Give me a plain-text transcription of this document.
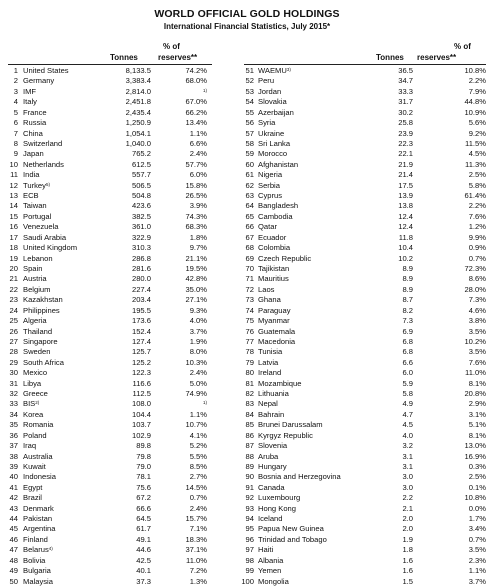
WORLD OFFICIAL GOLD HOLDINGS
International Financial Statistics, July 2015*
% of
Tonnes	reserves**
% of
Tonnes reserves**
1 United States	8,133.5	74.2%
2 Germany	3,383.4	68.0%
3 IMF	2,814.0	$^{1)}$
4 Italy	2,451.8	67.0%
5 France	2,435.4	66.2%
6 Russia	1,250.9	13.4%
7 China	1,054.1	1.1%
8 Switzerland	1,040.0	6.6%
9 Japan	765.2	2.4%
10 Netherlands	612.5	57.7%
11 India	557.7	6.0%
12 Turkey$^{5)}$	506.5	15.8%
13 ECB	504.8	26.5%
14 Taiwan	423.6	3.9%
15 Portugal	382.5	74.3%
16 Venezuela	361.0	68.3%
17 Saudi Arabia	322.9	1.8%
18 United Kingdom	310.3	9.7%
19 Lebanon	286.8	21.1%
20 Spain	281.6	19.5%
21 Austria	280.0	42.8%
22 Belgium	227.4	35.0%
23 Kazakhstan	203.4	27.1%
24 Philippines	195.5	9.3%
25 Algeria	173.6	4.0%
26 Thailand	152.4	3.7%
27 Singapore	127.4	1.9%
28 Sweden	125.7	8.0%
29 South Africa	125.2	10.3%
30 Mexico	122.3	2.4%
31 Libya	116.6	5.0%
32 Greece	112.5	74.9%
33 BIS$^{2)}$	108.0	$^{1)}$
34 Korea	104.4	1.1%
35 Romania	103.7	10.7%
36 Poland	102.9	4.1%
37 Iraq	89.8	5.2%
38 Australia	79.8	5.5%
39 Kuwait	79.0	8.5%
40 Indonesia	78.1	2.7%
41 Egypt	75.6	14.5%
42 Brazil	67.2	0.7%
43 Denmark	66.6	2.4%
44 Pakistan	64.5	15.7%
45 Argentina	61.7	7.1%
46 Finland	49.1	18.3%
47 Belarus$^{4)}$	44.6	37.1%
48 Bolivia	42.5	11.0%
49 Bulgaria	40.1	7.2%
50 Malaysia	37.3	1.3%
51 WAEMU$^{3)}$	36.5	10.8%
52 Peru	34.7	2.2%
53 Jordan	33.3	7.9%
54 Slovakia	31.7	44.8%
55 Azerbaijan	30.2	10.9%
56 Syria	25.8	5.6%
57 Ukraine	23.9	9.2%
58 Sri Lanka	22.3	11.5%
59 Morocco	22.1	4.5%
60 Afghanistan	21.9	11.3%
61 Nigeria	21.4	2.5%
62 Serbia	17.5	5.8%
63 Cyprus	13.9	61.4%
64 Bangladesh	13.8	2.2%
65 Cambodia	12.4	7.6%
66 Qatar	12.4	1.2%
67 Ecuador	11.8	9.9%
68 Colombia	10.4	0.9%
69 Czech Republic	10.2	0.7%
70 Tajikistan	8.9	72.3%
71 Mauritius	8.9	8.6%
72 Laos	8.9	28.0%
73 Ghana	8.7	7.3%
74 Paraguay	8.2	4.6%
75 Myanmar	7.3	3.8%
76 Guatemala	6.9	3.5%
77 Macedonia	6.8	10.2%
78 Tunisia	6.8	3.5%
79 Latvia	6.6	7.6%
80 Ireland	6.0	11.0%
81 Mozambique	5.9	8.1%
82 Lithuania	5.8	20.8%
83 Nepal	4.9	2.9%
84 Bahrain	4.7	3.1%
85 Brunei Darussalam	4.5	5.1%
86 Kyrgyz Republic	4.0	8.1%
87 Slovenia	3.2	13.0%
88 Aruba	3.1	16.9%
89 Hungary	3.1	0.3%
90 Bosnia and Herzegovina	3.0	2.5%
91 Canada	3.0	0.1%
92 Luxembourg	2.2	10.8%
93 Hong Kong	2.1	0.0%
94 Iceland	2.0	1.7%
95 Papua New Guinea	2.0	3.4%
96 Trinidad and Tobago	1.9	0.7%
97 Haiti	1.8	3.5%
98 Albania	1.6	2.3%
99 Yemen	1.6	1.1%
100 Mongolia	1.5	3.7%
